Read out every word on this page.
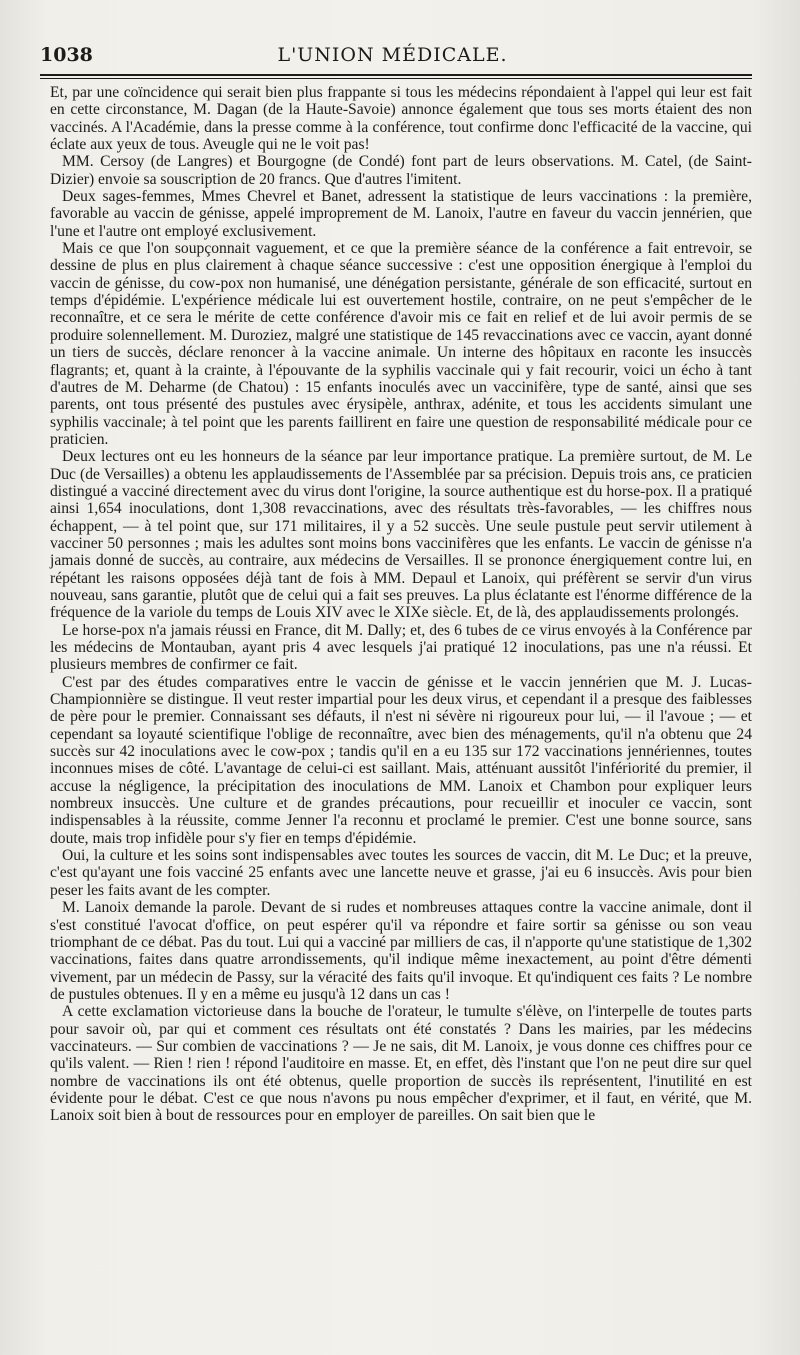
1038	L'UNION MÉDICALE.

Et, par une coïncidence qui serait bien plus frappante si tous les médecins répondaient à l'appel qui leur est fait en cette circonstance, M. Dagan (de la Haute-Savoie) annonce également que tous ses morts étaient des non vaccinés. A l'Académie, dans la presse comme à la conférence, tout confirme donc l'efficacité de la vaccine, qui éclate aux yeux de tous. Aveugle qui ne le voit pas!

MM. Cersoy (de Langres) et Bourgogne (de Condé) font part de leurs observations. M. Catel, (de Saint-Dizier) envoie sa souscription de 20 francs. Que d'autres l'imitent.

Deux sages-femmes, Mmes Chevrel et Banet, adressent la statistique de leurs vaccinations : la première, favorable au vaccin de génisse, appelé improprement de M. Lanoix, l'autre en faveur du vaccin jennérien, que l'une et l'autre ont employé exclusivement.

Mais ce que l'on soupçonnait vaguement, et ce que la première séance de la conférence a fait entrevoir, se dessine de plus en plus clairement à chaque séance successive : c'est une opposition énergique à l'emploi du vaccin de génisse, du cow-pox non humanisé, une dénégation persistante, générale de son efficacité, surtout en temps d'épidémie. L'expérience médicale lui est ouvertement hostile, contraire, on ne peut s'empêcher de le reconnaître, et ce sera le mérite de cette conférence d'avoir mis ce fait en relief et de lui avoir permis de se produire solennellement. M. Duroziez, malgré une statistique de 145 revaccinations avec ce vaccin, ayant donné un tiers de succès, déclare renoncer à la vaccine animale. Un interne des hôpitaux en raconte les insuccès flagrants; et, quant à la crainte, à l'épouvante de la syphilis vaccinale qui y fait recourir, voici un écho à tant d'autres de M. Deharme (de Chatou) : 15 enfants inoculés avec un vaccinifère, type de santé, ainsi que ses parents, ont tous présenté des pustules avec érysipèle, anthrax, adénite, et tous les accidents simulant une syphilis vaccinale; à tel point que les parents faillirent en faire une question de responsabilité médicale pour ce praticien.

Deux lectures ont eu les honneurs de la séance par leur importance pratique. La première surtout, de M. Le Duc (de Versailles) a obtenu les applaudissements de l'Assemblée par sa précision. Depuis trois ans, ce praticien distingué a vacciné directement avec du virus dont l'origine, la source authentique est du horse-pox. Il a pratiqué ainsi 1,654 inoculations, dont 1,308 revaccinations, avec des résultats très-favorables, — les chiffres nous échappent, — à tel point que, sur 171 militaires, il y a 52 succès. Une seule pustule peut servir utilement à vacciner 50 personnes ; mais les adultes sont moins bons vaccinifères que les enfants. Le vaccin de génisse n'a jamais donné de succès, au contraire, aux médecins de Versailles. Il se prononce énergiquement contre lui, en répétant les raisons opposées déjà tant de fois à MM. Depaul et Lanoix, qui préfèrent se servir d'un virus nouveau, sans garantie, plutôt que de celui qui a fait ses preuves. La plus éclatante est l'énorme différence de la fréquence de la variole du temps de Louis XIV avec le XIXe siècle. Et, de là, des applaudissements prolongés.

Le horse-pox n'a jamais réussi en France, dit M. Dally; et, des 6 tubes de ce virus envoyés à la Conférence par les médecins de Montauban, ayant pris 4 avec lesquels j'ai pratiqué 12 inoculations, pas une n'a réussi. Et plusieurs membres de confirmer ce fait.

C'est par des études comparatives entre le vaccin de génisse et le vaccin jennérien que M. J. Lucas-Championnière se distingue. Il veut rester impartial pour les deux virus, et cependant il a presque des faiblesses de père pour le premier. Connaissant ses défauts, il n'est ni sévère ni rigoureux pour lui, — il l'avoue ; — et cependant sa loyauté scientifique l'oblige de reconnaître, avec bien des ménagements, qu'il n'a obtenu que 24 succès sur 42 inoculations avec le cow-pox ; tandis qu'il en a eu 135 sur 172 vaccinations jennériennes, toutes inconnues mises de côté. L'avantage de celui-ci est saillant. Mais, atténuant aussitôt l'infériorité du premier, il accuse la négligence, la précipitation des inoculations de MM. Lanoix et Chambon pour expliquer leurs nombreux insuccès. Une culture et de grandes précautions, pour recueillir et inoculer ce vaccin, sont indispensables à la réussite, comme Jenner l'a reconnu et proclamé le premier. C'est une bonne source, sans doute, mais trop infidèle pour s'y fier en temps d'épidémie.

Oui, la culture et les soins sont indispensables avec toutes les sources de vaccin, dit M. Le Duc; et la preuve, c'est qu'ayant une fois vacciné 25 enfants avec une lancette neuve et grasse, j'ai eu 6 insuccès. Avis pour bien peser les faits avant de les compter.

M. Lanoix demande la parole. Devant de si rudes et nombreuses attaques contre la vaccine animale, dont il s'est constitué l'avocat d'office, on peut espérer qu'il va répondre et faire sortir sa génisse ou son veau triomphant de ce débat. Pas du tout. Lui qui a vacciné par milliers de cas, il n'apporte qu'une statistique de 1,302 vaccinations, faites dans quatre arrondissements, qu'il indique même inexactement, au point d'être démenti vivement, par un médecin de Passy, sur la véracité des faits qu'il invoque. Et qu'indiquent ces faits ? Le nombre de pustules obtenues. Il y en a même eu jusqu'à 12 dans un cas !

A cette exclamation victorieuse dans la bouche de l'orateur, le tumulte s'élève, on l'interpelle de toutes parts pour savoir où, par qui et comment ces résultats ont été constatés ? Dans les mairies, par les médecins vaccinateurs. — Sur combien de vaccinations ? — Je ne sais, dit M. Lanoix, je vous donne ces chiffres pour ce qu'ils valent. — Rien ! rien ! répond l'auditoire en masse. Et, en effet, dès l'instant que l'on ne peut dire sur quel nombre de vaccinations ils ont été obtenus, quelle proportion de succès ils représentent, l'inutilité en est évidente pour le débat. C'est ce que nous n'avons pu nous empêcher d'exprimer, et il faut, en vérité, que M. Lanoix soit bien à bout de ressources pour en employer de pareilles. On sait bien que le
